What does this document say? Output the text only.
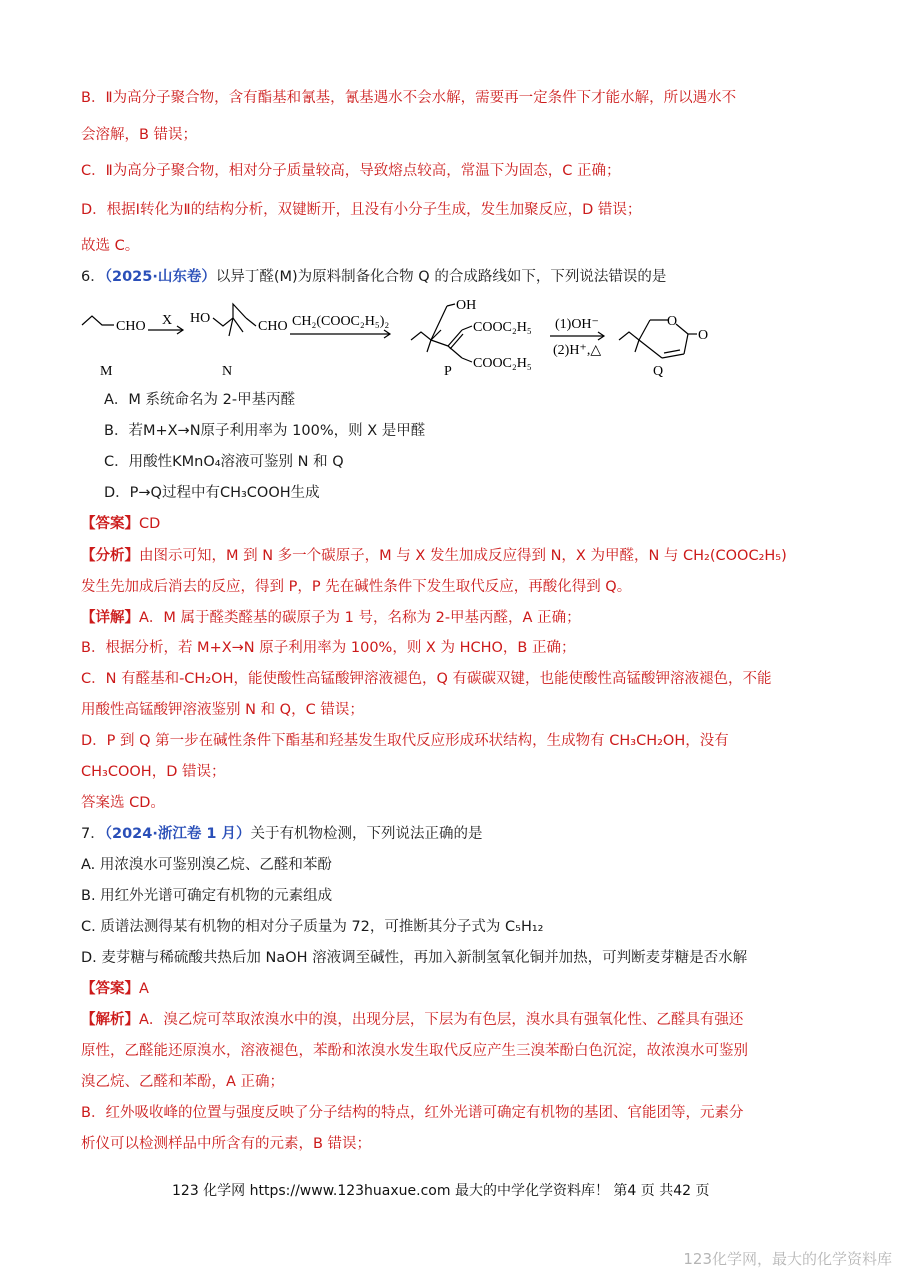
B．Ⅱ为高分子聚合物，含有酯基和氰基，氰基遇水不会水解，需要再一定条件下才能水解，所以遇水不
会溶解，B 错误；
C．Ⅱ为高分子聚合物，相对分子质量较高，导致熔点较高，常温下为固态，C 正确；
D．根据Ⅰ转化为Ⅱ的结构分析，双键断开，且没有小分子生成，发生加聚反应，D 错误；
故选 C。
6．（2025·山东卷）以异丁醛(M)为原料制备化合物 Q 的合成路线如下，下列说法错误的是
CHO
M
X HO
CHO
N
CH₂(COOC₂H₅)₂
OH
COOC₂H₅
COOC₂H₅
P
(1)OH⁻
(2)H⁺,△
O
O
Q
A．M 系统命名为 2-甲基丙醛
B．若M+X→N原子利用率为 100%，则 X 是甲醛
C．用酸性KMnO₄溶液可鉴别 N 和 Q
D．P→Q过程中有CH₃COOH生成
【答案】CD
【分析】由图示可知，M 到 N 多一个碳原子，M 与 X 发生加成反应得到 N，X 为甲醛，N 与 CH₂(COOC₂H₅)
发生先加成后消去的反应，得到 P，P 先在碱性条件下发生取代反应，再酸化得到 Q。
【详解】A．M 属于醛类醛基的碳原子为 1 号，名称为 2-甲基丙醛，A 正确；
B．根据分析，若 M+X→N 原子利用率为 100%，则 X 为 HCHO，B 正确；
C．N 有醛基和-CH₂OH，能使酸性高锰酸钾溶液褪色，Q 有碳碳双键，也能使酸性高锰酸钾溶液褪色，不能
用酸性高锰酸钾溶液鉴别 N 和 Q，C 错误；
D．P 到 Q 第一步在碱性条件下酯基和羟基发生取代反应形成环状结构，生成物有 CH₃CH₂OH，没有
CH₃COOH，D 错误；
答案选 CD。
7．（2024·浙江卷 1 月）关于有机物检测，下列说法正确的是
A. 用浓溴水可鉴别溴乙烷、乙醛和苯酚
B. 用红外光谱可确定有机物的元素组成
C. 质谱法测得某有机物的相对分子质量为 72，可推断其分子式为 C₅H₁₂
D. 麦芽糖与稀硫酸共热后加 NaOH 溶液调至碱性，再加入新制氢氧化铜并加热，可判断麦芽糖是否水解
【答案】A
【解析】A．溴乙烷可萃取浓溴水中的溴，出现分层，下层为有色层，溴水具有强氧化性、乙醛具有强还
原性，乙醛能还原溴水，溶液褪色，苯酚和浓溴水发生取代反应产生三溴苯酚白色沉淀，故浓溴水可鉴别
溴乙烷、乙醛和苯酚，A 正确；
B．红外吸收峰的位置与强度反映了分子结构的特点，红外光谱可确定有机物的基团、官能团等，元素分
析仪可以检测样品中所含有的元素，B 错误；
123 化学网 https://www.123huaxue.com 最大的中学化学资料库！ 第4 页 共42 页
123化学网，最大的化学资料库
